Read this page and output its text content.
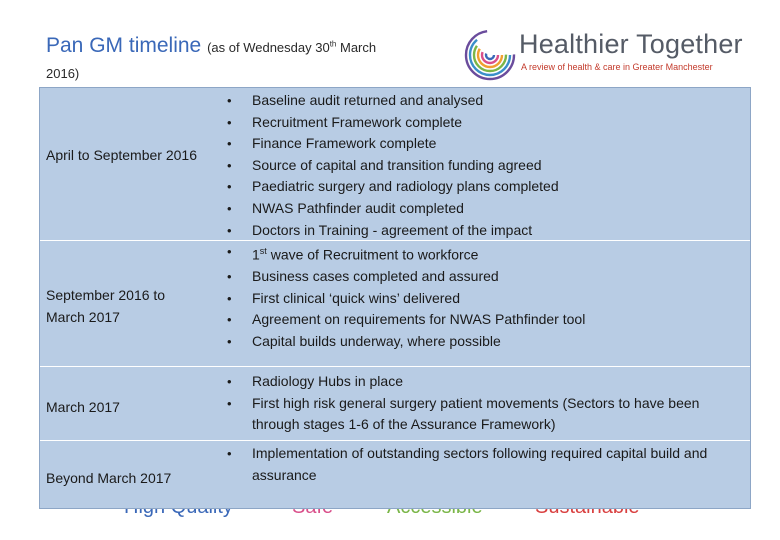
Pan GM timeline (as of Wednesday 30th March
2016)
Healthier Together
A review of health & care in Greater Manchester
April to September 2016
• Baseline audit returned and analysed
• Recruitment Framework complete
• Finance Framework complete
• Source of capital and transition funding agreed
• Paediatric surgery and radiology plans completed
• NWAS Pathfinder audit completed
• Doctors in Training - agreement of the impact
September 2016 to March 2017
• 1st wave of Recruitment to workforce
• Business cases completed and assured
• First clinical ‘quick wins’ delivered
• Agreement on requirements for NWAS Pathfinder tool
• Capital builds underway, where possible
March 2017
• Radiology Hubs in place
• First high risk general surgery patient movements (Sectors to have been through stages 1-6 of the Assurance Framework)
Beyond March 2017
• Implementation of outstanding sectors following required capital build and assurance
